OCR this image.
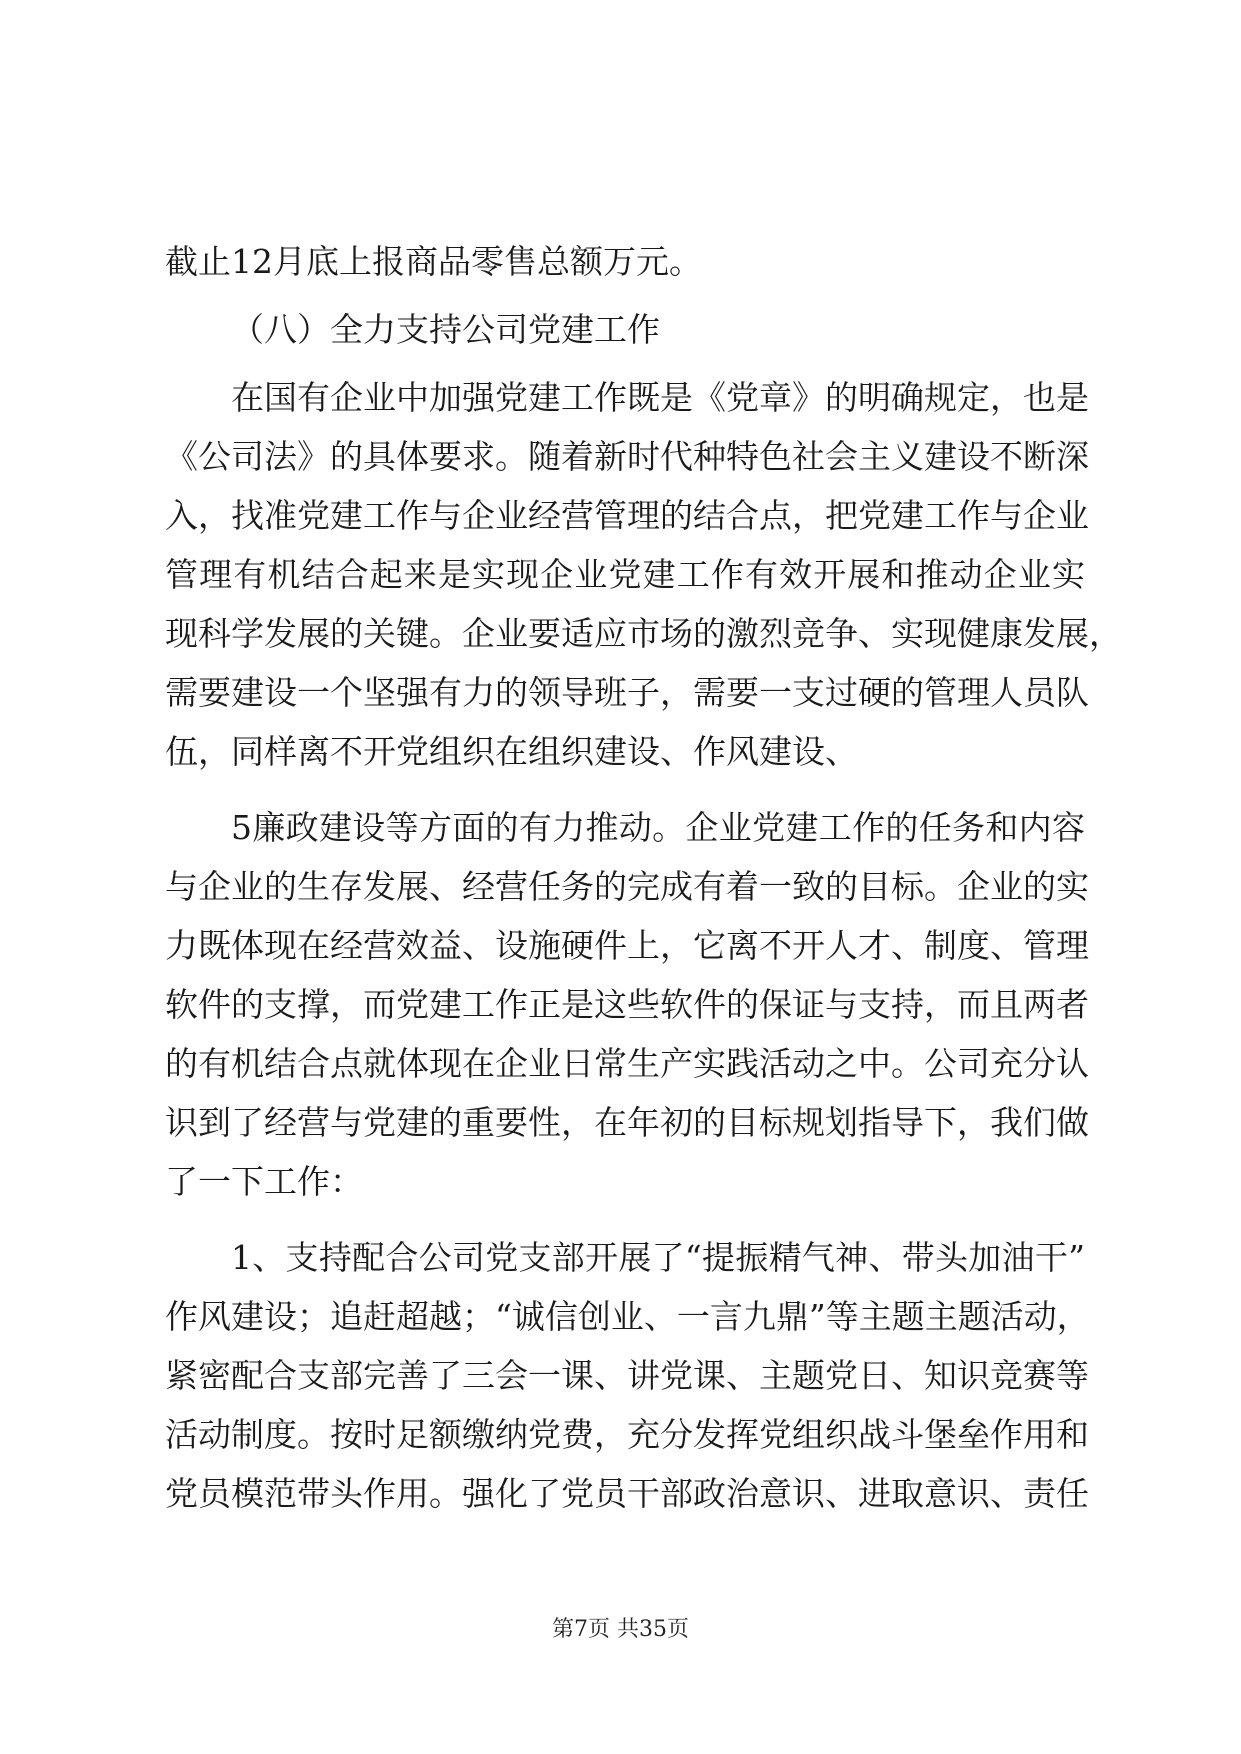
截止12月底上报商品零售总额万元。
（八）全力支持公司党建工作
在国有企业中加强党建工作既是《党章》的明确规定，也是
《公司法》的具体要求。随着新时代种特色社会主义建设不断深
入，找准党建工作与企业经营管理的结合点，把党建工作与企业
管理有机结合起来是实现企业党建工作有效开展和推动企业实
现科学发展的关键。企业要适应市场的激烈竞争、实现健康发展，
需要建设一个坚强有力的领导班子，需要一支过硬的管理人员队
伍，同样离不开党组织在组织建设、作风建设、
5廉政建设等方面的有力推动。企业党建工作的任务和内容
与企业的生存发展、经营任务的完成有着一致的目标。企业的实
力既体现在经营效益、设施硬件上，它离不开人才、制度、管理
软件的支撑，而党建工作正是这些软件的保证与支持，而且两者
的有机结合点就体现在企业日常生产实践活动之中。公司充分认
识到了经营与党建的重要性，在年初的目标规划指导下，我们做
了一下工作：
1、支持配合公司党支部开展了“提振精气神、带头加油干”
作风建设；追赶超越；“诚信创业、一言九鼎”等主题主题活动，
紧密配合支部完善了三会一课、讲党课、主题党日、知识竞赛等
活动制度。按时足额缴纳党费，充分发挥党组织战斗堡垒作用和
党员模范带头作用。强化了党员干部政治意识、进取意识、责任
第7页 共35页
